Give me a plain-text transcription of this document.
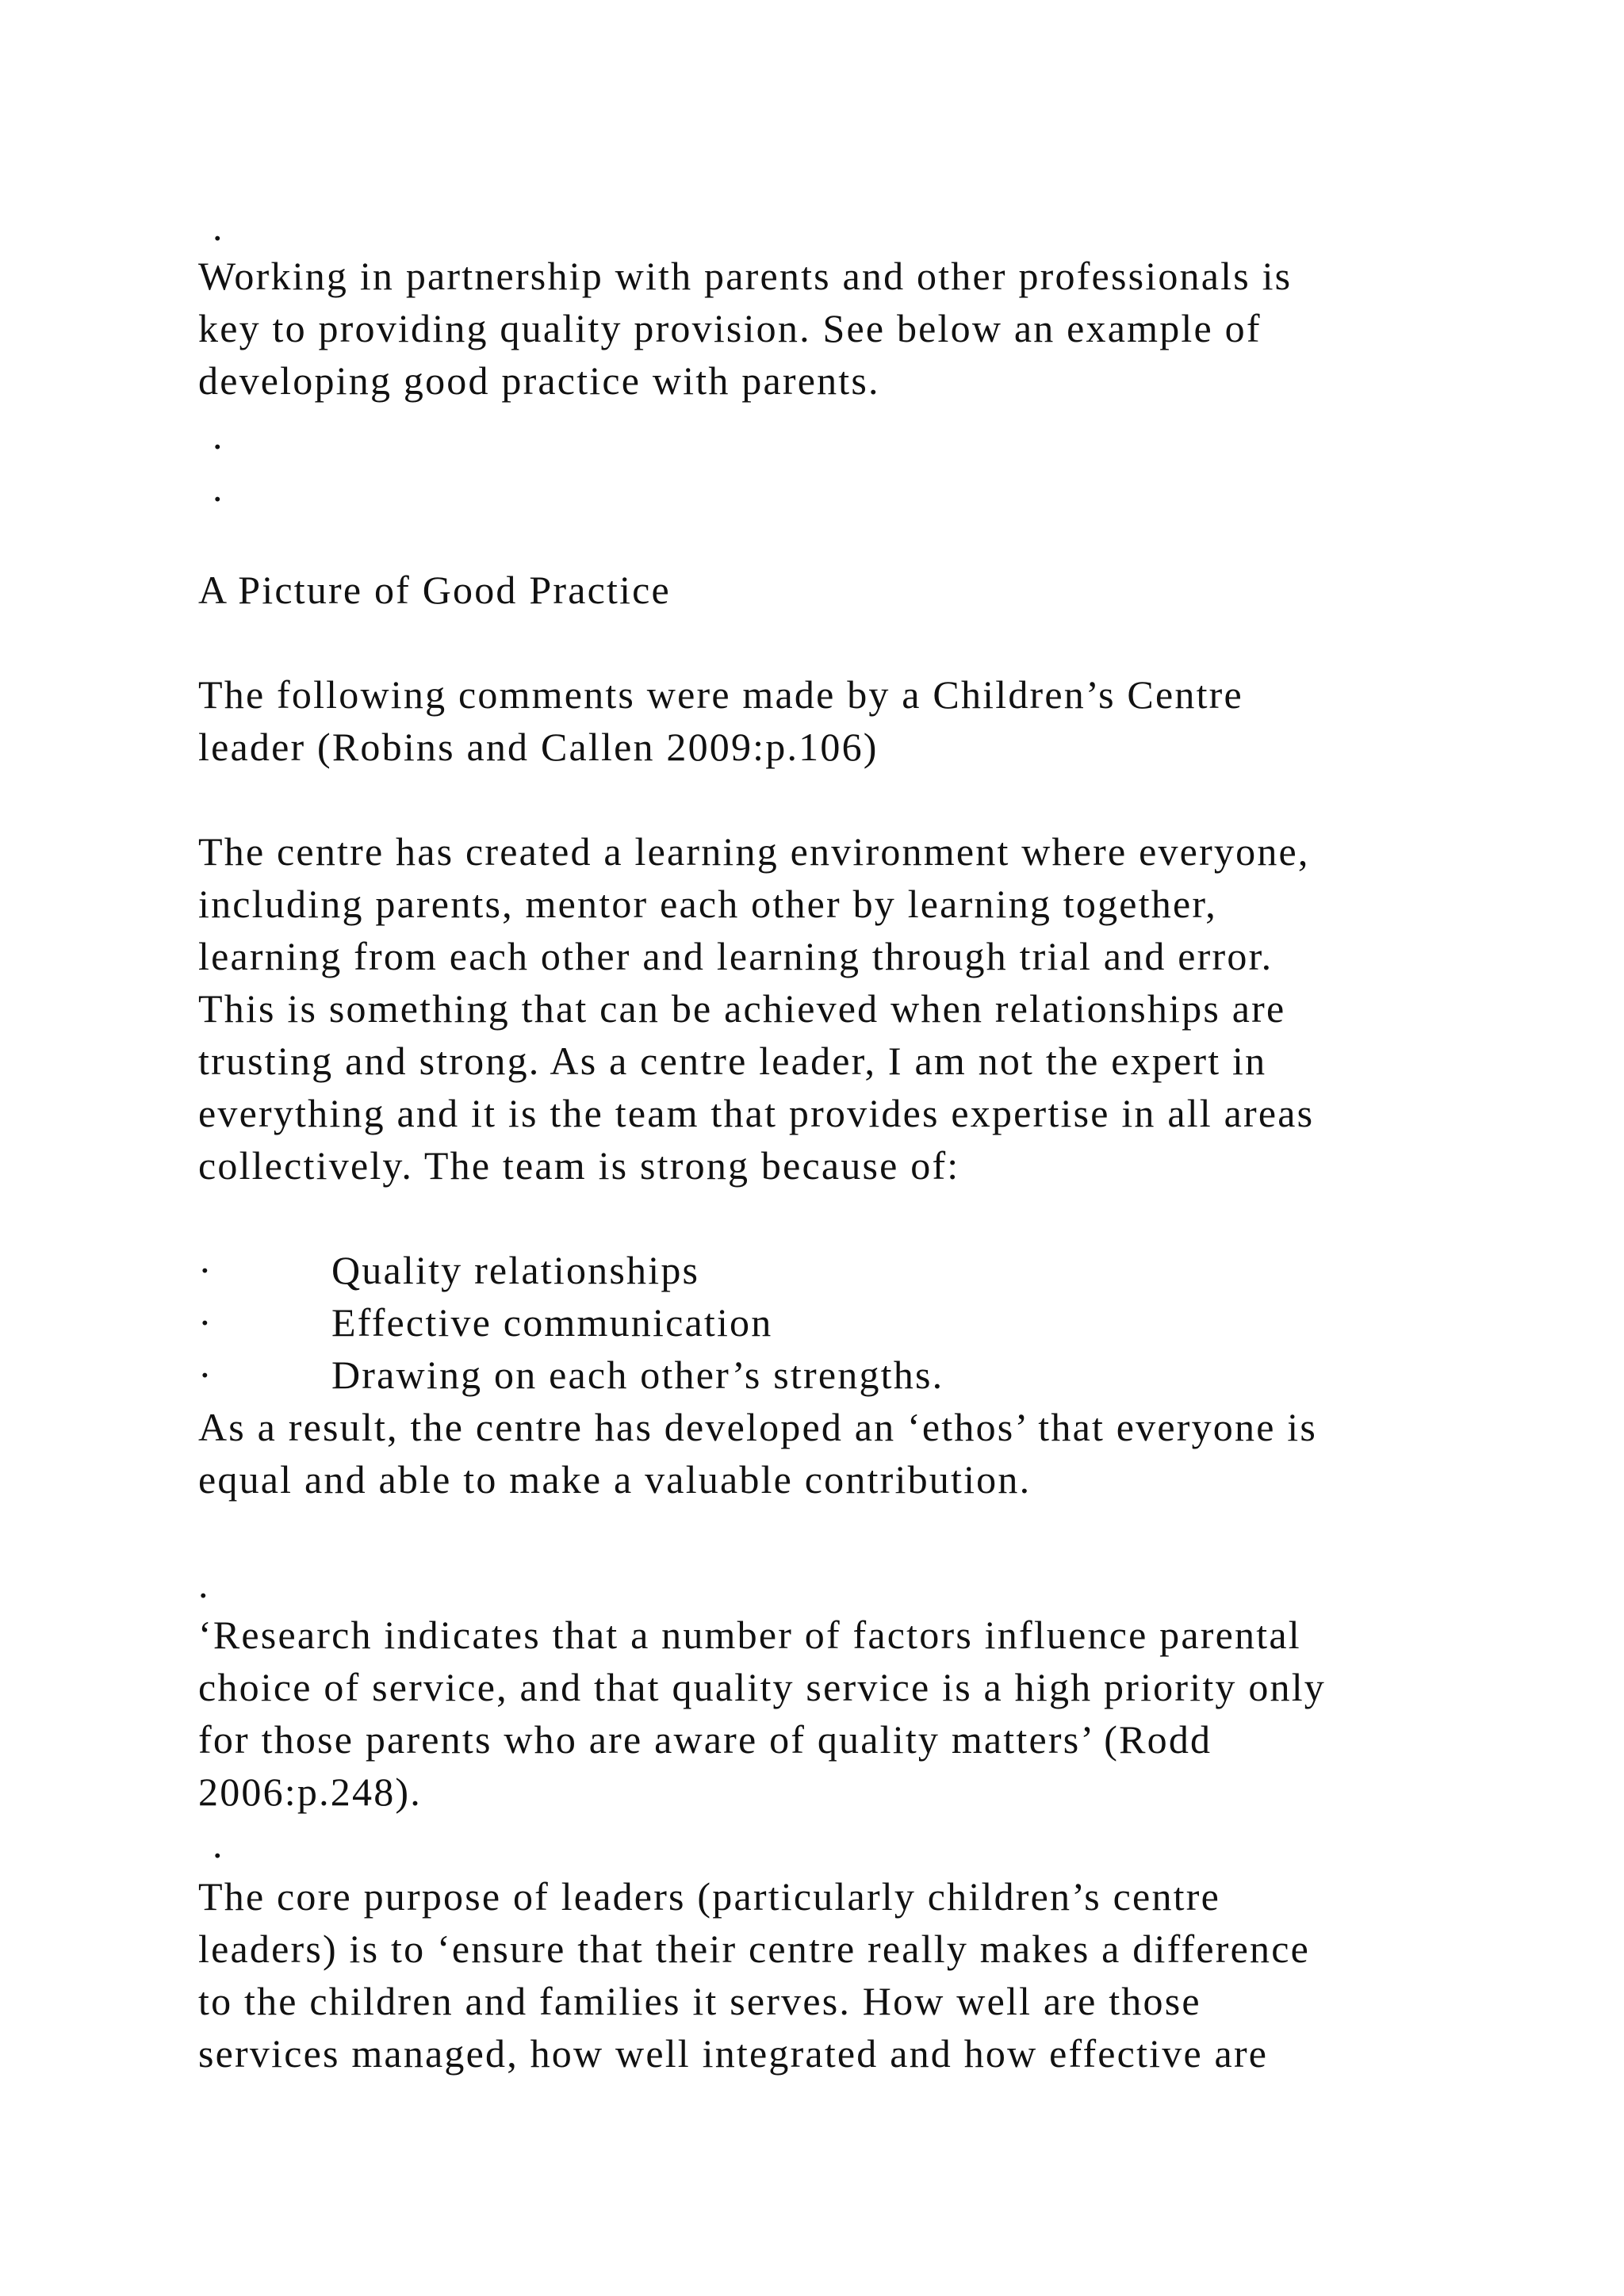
.
Working in partnership with parents and other professionals is
key to providing quality provision. See below an example of
developing good practice with parents.
.
.
A Picture of Good Practice
The following comments were made by a Children’s Centre
leader (Robins and Callen 2009:p.106)
The centre has created a learning environment where everyone,
including parents, mentor each other by learning together,
learning from each other and learning through trial and error.
This is something that can be achieved when relationships are
trusting and strong. As a centre leader, I am not the expert in
everything and it is the team that provides expertise in all areas
collectively. The team is strong because of:
·	Quality relationships
·	Effective communication
·	Drawing on each other’s strengths.
As a result, the centre has developed an ‘ethos’ that everyone is
equal and able to make a valuable contribution.
.
‘Research indicates that a number of factors influence parental
choice of service, and that quality service is a high priority only
for those parents who are aware of quality matters’ (Rodd
2006:p.248).
.
The core purpose of leaders (particularly children’s centre
leaders) is to ‘ensure that their centre really makes a difference
to the children and families it serves. How well are those
services managed, how well integrated and how effective are
